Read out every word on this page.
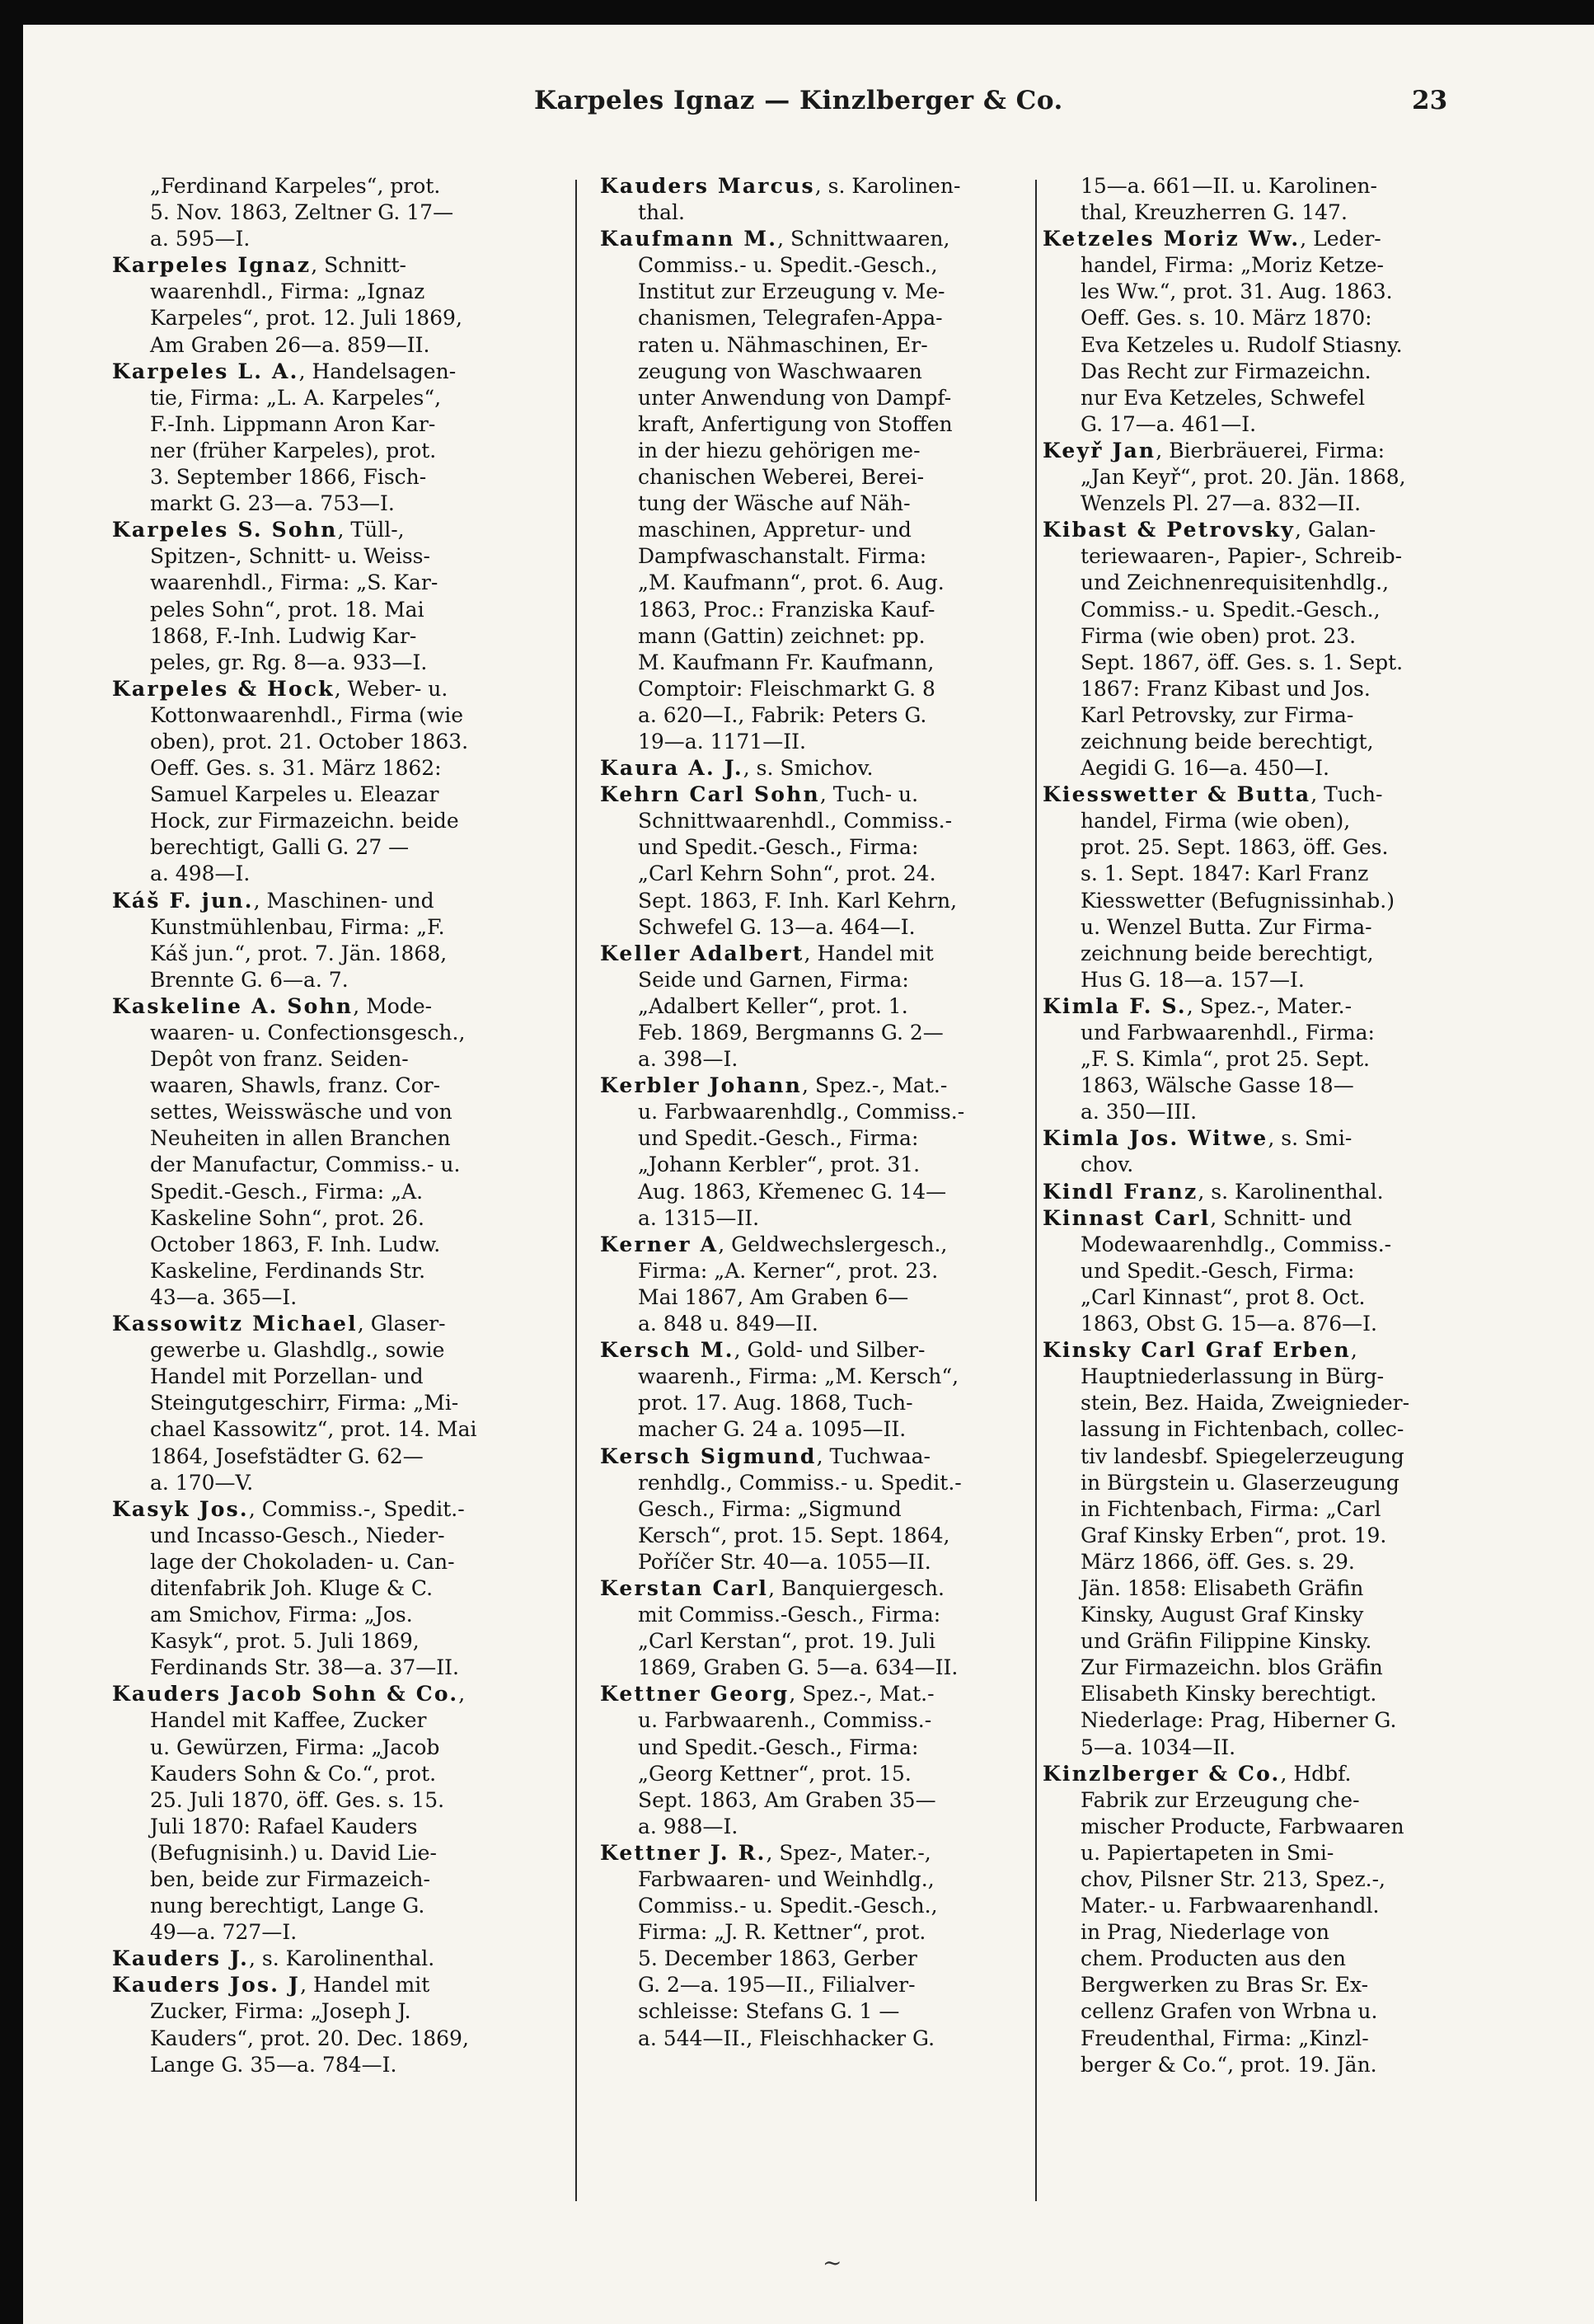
Karpeles Ignaz — Kinzlberger & Co.	23
„Ferdinand Karpeles“, prot.
5. Nov. 1863, Zeltner G. 17—
a. 595—I.
Karpeles Ignaz, Schnitt-
waarenhdl., Firma: „Ignaz
Karpeles“, prot. 12. Juli 1869,
Am Graben 26—a. 859—II.
Karpeles L. A., Handelsagen-
tie, Firma: „L. A. Karpeles“,
F.-Inh. Lippmann Aron Kar-
ner (früher Karpeles), prot.
3. September 1866, Fisch-
markt G. 23—a. 753—I.
Karpeles S. Sohn, Tüll-,
Spitzen-, Schnitt- u. Weiss-
waarenhdl., Firma: „S. Kar-
peles Sohn“, prot. 18. Mai
1868, F.-Inh. Ludwig Kar-
peles, gr. Rg. 8—a. 933—I.
Karpeles & Hock, Weber- u.
Kottonwaarenhdl., Firma (wie
oben), prot. 21. October 1863.
Oeff. Ges. s. 31. März 1862:
Samuel Karpeles u. Eleazar
Hock, zur Firmazeichn. beide
berechtigt, Galli G. 27 —
a. 498—I.
Káš F. jun., Maschinen- und
Kunstmühlenbau, Firma: „F.
Káš jun.“, prot. 7. Jän. 1868,
Brennte G. 6—a. 7.
Kaskeline A. Sohn, Mode-
waaren- u. Confectionsgesch.,
Depôt von franz. Seiden-
waaren, Shawls, franz. Cor-
settes, Weisswäsche und von
Neuheiten in allen Branchen
der Manufactur, Commiss.- u.
Spedit.-Gesch., Firma: „A.
Kaskeline Sohn“, prot. 26.
October 1863, F. Inh. Ludw.
Kaskeline, Ferdinands Str.
43—a. 365—I.
Kassowitz Michael, Glaser-
gewerbe u. Glashdlg., sowie
Handel mit Porzellan- und
Steingutgeschirr, Firma: „Mi-
chael Kassowitz“, prot. 14. Mai
1864, Josefstädter G. 62—
a. 170—V.
Kasyk Jos., Commiss.-, Spedit.-
und Incasso-Gesch., Nieder-
lage der Chokoladen- u. Can-
ditenfabrik Joh. Kluge & C.
am Smichov, Firma: „Jos.
Kasyk“, prot. 5. Juli 1869,
Ferdinands Str. 38—a. 37—II.
Kauders Jacob Sohn & Co.,
Handel mit Kaffee, Zucker
u. Gewürzen, Firma: „Jacob
Kauders Sohn & Co.“, prot.
25. Juli 1870, öff. Ges. s. 15.
Juli 1870: Rafael Kauders
(Befugnisinh.) u. David Lie-
ben, beide zur Firmazeich-
nung berechtigt, Lange G.
49—a. 727—I.
Kauders J., s. Karolinenthal.
Kauders Jos. J, Handel mit
Zucker, Firma: „Joseph J.
Kauders“, prot. 20. Dec. 1869,
Lange G. 35—a. 784—I.
Kauders Marcus, s. Karolinen-
thal.
Kaufmann M., Schnittwaaren,
Commiss.- u. Spedit.-Gesch.,
Institut zur Erzeugung v. Me-
chanismen, Telegrafen-Appa-
raten u. Nähmaschinen, Er-
zeugung von Waschwaaren
unter Anwendung von Dampf-
kraft, Anfertigung von Stoffen
in der hiezu gehörigen me-
chanischen Weberei, Berei-
tung der Wäsche auf Näh-
maschinen, Appretur- und
Dampfwaschanstalt. Firma:
„M. Kaufmann“, prot. 6. Aug.
1863, Proc.: Franziska Kauf-
mann (Gattin) zeichnet: pp.
M. Kaufmann Fr. Kaufmann,
Comptoir: Fleischmarkt G. 8
a. 620—I., Fabrik: Peters G.
19—a. 1171—II.
Kaura A. J., s. Smichov.
Kehrn Carl Sohn, Tuch- u.
Schnittwaarenhdl., Commiss.-
und Spedit.-Gesch., Firma:
„Carl Kehrn Sohn“, prot. 24.
Sept. 1863, F. Inh. Karl Kehrn,
Schwefel G. 13—a. 464—I.
Keller Adalbert, Handel mit
Seide und Garnen, Firma:
„Adalbert Keller“, prot. 1.
Feb. 1869, Bergmanns G. 2—
a. 398—I.
Kerbler Johann, Spez.-, Mat.-
u. Farbwaarenhdlg., Commiss.-
und Spedit.-Gesch., Firma:
„Johann Kerbler“, prot. 31.
Aug. 1863, Křemenec G. 14—
a. 1315—II.
Kerner A, Geldwechslergesch.,
Firma: „A. Kerner“, prot. 23.
Mai 1867, Am Graben 6—
a. 848 u. 849—II.
Kersch M., Gold- und Silber-
waarenh., Firma: „M. Kersch“,
prot. 17. Aug. 1868, Tuch-
macher G. 24 a. 1095—II.
Kersch Sigmund, Tuchwaa-
renhdlg., Commiss.- u. Spedit.-
Gesch., Firma: „Sigmund
Kersch“, prot. 15. Sept. 1864,
Poříčer Str. 40—a. 1055—II.
Kerstan Carl, Banquiergesch.
mit Commiss.-Gesch., Firma:
„Carl Kerstan“, prot. 19. Juli
1869, Graben G. 5—a. 634—II.
Kettner Georg, Spez.-, Mat.-
u. Farbwaarenh., Commiss.-
und Spedit.-Gesch., Firma:
„Georg Kettner“, prot. 15.
Sept. 1863, Am Graben 35—
a. 988—I.
Kettner J. R., Spez-, Mater.-,
Farbwaaren- und Weinhdlg.,
Commiss.- u. Spedit.-Gesch.,
Firma: „J. R. Kettner“, prot.
5. December 1863, Gerber
G. 2—a. 195—II., Filialver-
schleisse: Stefans G. 1 —
a. 544—II., Fleischhacker G.
15—a. 661—II. u. Karolinen-
thal, Kreuzherren G. 147.
Ketzeles Moriz Ww., Leder-
handel, Firma: „Moriz Ketze-
les Ww.“, prot. 31. Aug. 1863.
Oeff. Ges. s. 10. März 1870:
Eva Ketzeles u. Rudolf Stiasny.
Das Recht zur Firmazeichn.
nur Eva Ketzeles, Schwefel
G. 17—a. 461—I.
Keyř Jan, Bierbräuerei, Firma:
„Jan Keyř“, prot. 20. Jän. 1868,
Wenzels Pl. 27—a. 832—II.
Kibast & Petrovsky, Galan-
teriewaaren-, Papier-, Schreib-
und Zeichnenrequisitenhdlg.,
Commiss.- u. Spedit.-Gesch.,
Firma (wie oben) prot. 23.
Sept. 1867, öff. Ges. s. 1. Sept.
1867: Franz Kibast und Jos.
Karl Petrovsky, zur Firma-
zeichnung beide berechtigt,
Aegidi G. 16—a. 450—I.
Kiesswetter & Butta, Tuch-
handel, Firma (wie oben),
prot. 25. Sept. 1863, öff. Ges.
s. 1. Sept. 1847: Karl Franz
Kiesswetter (Befugnissinhab.)
u. Wenzel Butta. Zur Firma-
zeichnung beide berechtigt,
Hus G. 18—a. 157—I.
Kimla F. S., Spez.-, Mater.-
und Farbwaarenhdl., Firma:
„F. S. Kimla“, prot 25. Sept.
1863, Wälsche Gasse 18—
a. 350—III.
Kimla Jos. Witwe, s. Smi-
chov.
Kindl Franz, s. Karolinenthal.
Kinnast Carl, Schnitt- und
Modewaarenhdlg., Commiss.-
und Spedit.-Gesch, Firma:
„Carl Kinnast“, prot 8. Oct.
1863, Obst G. 15—a. 876—I.
Kinsky Carl Graf Erben,
Hauptniederlassung in Bürg-
stein, Bez. Haida, Zweignieder-
lassung in Fichtenbach, collec-
tiv landesbf. Spiegelerzeugung
in Bürgstein u. Glaserzeugung
in Fichtenbach, Firma: „Carl
Graf Kinsky Erben“, prot. 19.
März 1866, öff. Ges. s. 29.
Jän. 1858: Elisabeth Gräfin
Kinsky, August Graf Kinsky
und Gräfin Filippine Kinsky.
Zur Firmazeichn. blos Gräfin
Elisabeth Kinsky berechtigt.
Niederlage: Prag, Hiberner G.
5—a. 1034—II.
Kinzlberger & Co., Hdbf.
Fabrik zur Erzeugung che-
mischer Producte, Farbwaaren
u. Papiertapeten in Smi-
chov, Pilsner Str. 213, Spez.-,
Mater.- u. Farbwaarenhandl.
in Prag, Niederlage von
chem. Producten aus den
Bergwerken zu Bras Sr. Ex-
cellenz Grafen von Wrbna u.
Freudenthal, Firma: „Kinzl-
berger & Co.“, prot. 19. Jän.
~
